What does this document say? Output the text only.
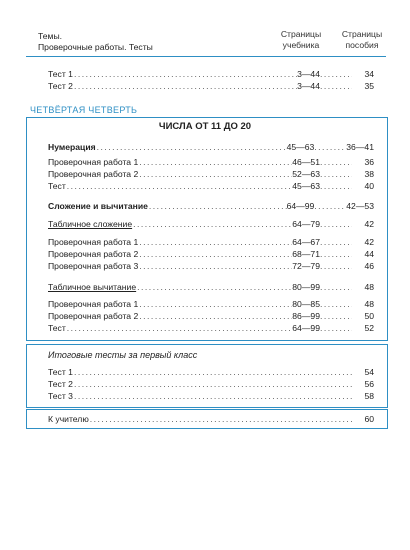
Темы.
Проверочные работы. Тесты
Страницы
учебника
Страницы
пособия
Тест 1 .....	3—44 .....	34
Тест 2 .....	3—44 .....	35
ЧЕТВЁРТАЯ ЧЕТВЕРТЬ
ЧИСЛА ОТ 11 ДО 20
Нумерация .....	45—63 .....	36—41
Проверочная работа 1 .....	46—51 .....	36
Проверочная работа 2 .....	52—63 .....	38
Тест .....	45—63 .....	40
Сложение и вычитание .....	64—99 .....	42—53
Табличное сложение .....	64—79 .....	42
Проверочная работа 1 .....	64—67 .....	42
Проверочная работа 2 .....	68—71 .....	44
Проверочная работа 3 .....	72—79 .....	46
Табличное вычитание .....	80—99 .....	48
Проверочная работа 1 .....	80—85 .....	48
Проверочная работа 2 .....	86—99 .....	50
Тест .....	64—99 .....	52
Итоговые тесты за первый класс
Тест 1 .....	54
Тест 2 .....	56
Тест 3 .....	58
К учителю .....	60
